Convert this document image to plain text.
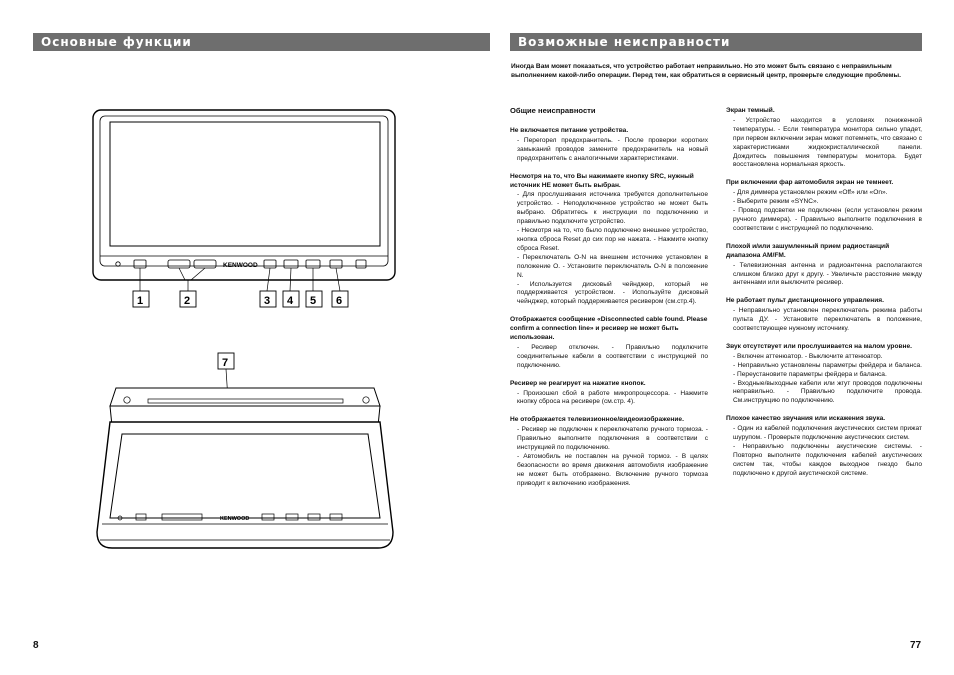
Основные функции	Возможные неисправности
KENWOOD
1	2	3 4 5 6
7
KENWOOD
Иногда Вам может показаться, что устройство работает неправильно. Но это может быть связано с неправильным выполнением какой-либо операции. Перед тем, как обратиться в сервисный центр, проверьте следующие проблемы.
Общие неисправности
Не включается питание устройства.
- Перегорел предохранитель. - После проверки коротких замыканий проводов замените предохранитель на новый предохранитель с аналогичными характеристиками.
Несмотря на то, что Вы нажимаете кнопку SRC, нужный источник НЕ может быть выбран.
- Для прослушивания источника требуется дополнительное устройство. - Неподключенное устройство не может быть выбрано. Обратитесь к инструкции по подключению и правильно подключите устройство.
- Несмотря на то, что было подключено внешнее устройство, кнопка сброса Reset до сих пор не нажата. - Нажмите кнопку сброса Reset.
- Переключатель O-N на внешнем источнике установлен в положение O. - Установите переключатель O-N в положение N.
- Используется дисковый чейнджер, который не поддерживается устройством. - Используйте дисковый чейнджер, который поддерживается ресивером (см.стр.4).
Отображается сообщение «Disconnected cable found. Please confirm a connection line» и ресивер не может быть использован.
- Ресивер отключен. - Правильно подключите соединительные кабели в соответствии с инструкцией по подключению.
Ресивер не реагирует на нажатие кнопок.
- Произошел сбой в работе микропроцессора. - Нажмите кнопку сброса на ресивере (см.стр. 4).
Не отображается телевизионное/видеоизображение.
- Ресивер не подключен к переключателю ручного тормоза. - Правильно выполните подключения в соответствии с инструкцией по подключению.
- Автомобиль не поставлен на ручной тормоз. - В целях безопасности во время движения автомобиля изображение не может быть отображено. Включение ручного тормоза приводит к включению изображения.
Экран темный.
- Устройство находится в условиях пониженной температуры. - Если температура монитора сильно упадет, при первом включении экран может потемнеть, что связано с характеристиками жидкокристаллической панели. Дождитесь повышения температуры монитора. Будет восстановлена нормальная яркость.
При включении фар автомобиля экран не темнеет.
- Для диммера установлен режим «Off» или «On».
- Выберите режим «SYNC».
- Провод подсветки не подключен (если установлен режим ручного диммера). - Правильно выполните подключения в соответствии с инструкцией по подключению.
Плохой и/или зашумленный прием радиостанций диапазона AM/FM.
- Телевизионная антенна и радиоантенна располагаются слишком близко друг к другу. - Увеличьте расстояние между антеннами или выключите ресивер.
Не работает пульт дистанционного управления.
- Неправильно установлен переключатель режима работы пульта ДУ. - Установите переключатель в положение, соответствующее нужному источнику.
Звук отсутствует или прослушивается на малом уровне.
- Включен аттенюатор. - Выключите аттенюатор.
- Неправильно установлены параметры фейдера и баланса. - Переустановите параметры фейдера и баланса.
- Входные/выходные кабели или жгут проводов подключены неправильно. - Правильно подключите провода. См.инструкцию по подключению.
Плохое качество звучания или искажения звука.
- Один из кабелей подключения акустических систем прижат шурупом. - Проверьте подключение акустических систем.
- Неправильно подключены акустические системы. - Повторно выполните подключения кабелей акустических систем так, чтобы каждое выходное гнездо было подключено к другой акустической системе.
8	77
